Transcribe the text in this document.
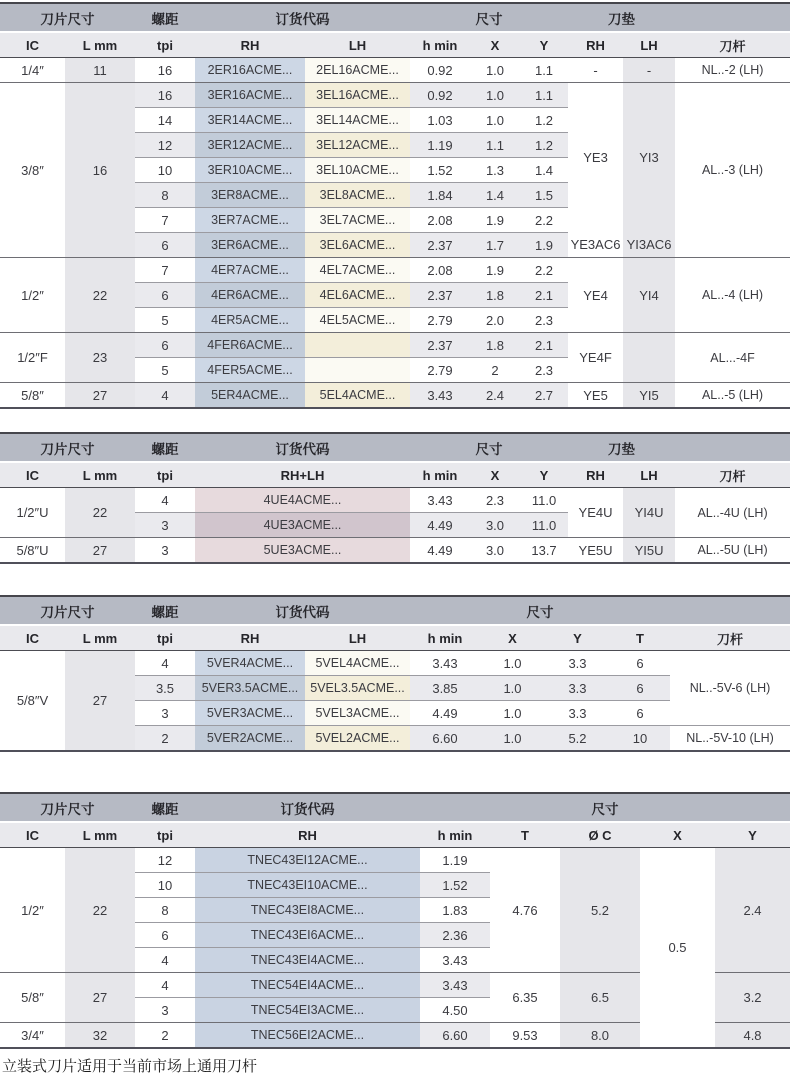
刀片尺寸		螺距	订货代码		尺寸			刀垫		
IC	L mm	tpi	RH	LH	h min	X	Y	RH	LH	刀杆
1/4″	11	16	2ER16ACME...	2EL16ACME...	0.92	1.0	1.1	-	-	NL..-2 (LH)
3/8″	16	16	3ER16ACME...	3EL16ACME...	0.92	1.0	1.1	YE3	YI3	AL..-3 (LH)
		14	3ER14ACME...	3EL14ACME...	1.03	1.0	1.2			
		12	3ER12ACME...	3EL12ACME...	1.19	1.1	1.2			
		10	3ER10ACME...	3EL10ACME...	1.52	1.3	1.4			
		8	3ER8ACME...	3EL8ACME...	1.84	1.4	1.5			
		7	3ER7ACME...	3EL7ACME...	2.08	1.9	2.2			
		6	3ER6ACME...	3EL6ACME...	2.37	1.7	1.9	YE3AC6	YI3AC6	
1/2″	22	7	4ER7ACME...	4EL7ACME...	2.08	1.9	2.2	YE4	YI4	AL..-4 (LH)
		6	4ER6ACME...	4EL6ACME...	2.37	1.8	2.1			
		5	4ER5ACME...	4EL5ACME...	2.79	2.0	2.3			
1/2″F	23	6	4FER6ACME...		2.37	1.8	2.1	YE4F		AL...-4F
		5	4FER5ACME...		2.79	2	2.3			
5/8″	27	4	5ER4ACME...	5EL4ACME...	3.43	2.4	2.7	YE5	YI5	AL..-5 (LH)
刀片尺寸		螺距	订货代码	尺寸			刀垫		
IC	L mm	tpi	RH+LH	h min	X	Y	RH	LH	刀杆
1/2″U	22	4	4UE4ACME...	3.43	2.3	11.0	YE4U	YI4U	AL..-4U (LH)
		3	4UE3ACME...	4.49	3.0	11.0			
5/8″U	27	3	5UE3ACME...	4.49	3.0	13.7	YE5U	YI5U	AL..-5U (LH)
刀片尺寸		螺距	订货代码		尺寸				
IC	L mm	tpi	RH	LH	h min	X	Y	T	刀杆
5/8″V	27	4	5VER4ACME...	5VEL4ACME...	3.43	1.0	3.3	6	NL..-5V-6 (LH)
		3.5	5VER3.5ACME...	5VEL3.5ACME...	3.85	1.0	3.3	6	
		3	5VER3ACME...	5VEL3ACME...	4.49	1.0	3.3	6	
		2	5VER2ACME...	5VEL2ACME...	6.60	1.0	5.2	10	NL..-5V-10 (LH)
刀片尺寸		螺距	订货代码	尺寸				
IC	L mm	tpi	RH	h min	T	Ø C	X	Y
1/2″	22	12	TNEC43EI12ACME...	1.19	4.76	5.2	0.5	2.4
		10	TNEC43EI10ACME...	1.52				
		8	TNEC43EI8ACME...	1.83				
		6	TNEC43EI6ACME...	2.36				
		4	TNEC43EI4ACME...	3.43				
5/8″	27	4	TNEC54EI4ACME...	3.43	6.35	6.5		3.2
		3	TNEC54EI3ACME...	4.50				
3/4″	32	2	TNEC56EI2ACME...	6.60	9.53	8.0		4.8
立装式刀片适用于当前市场上通用刀杆
